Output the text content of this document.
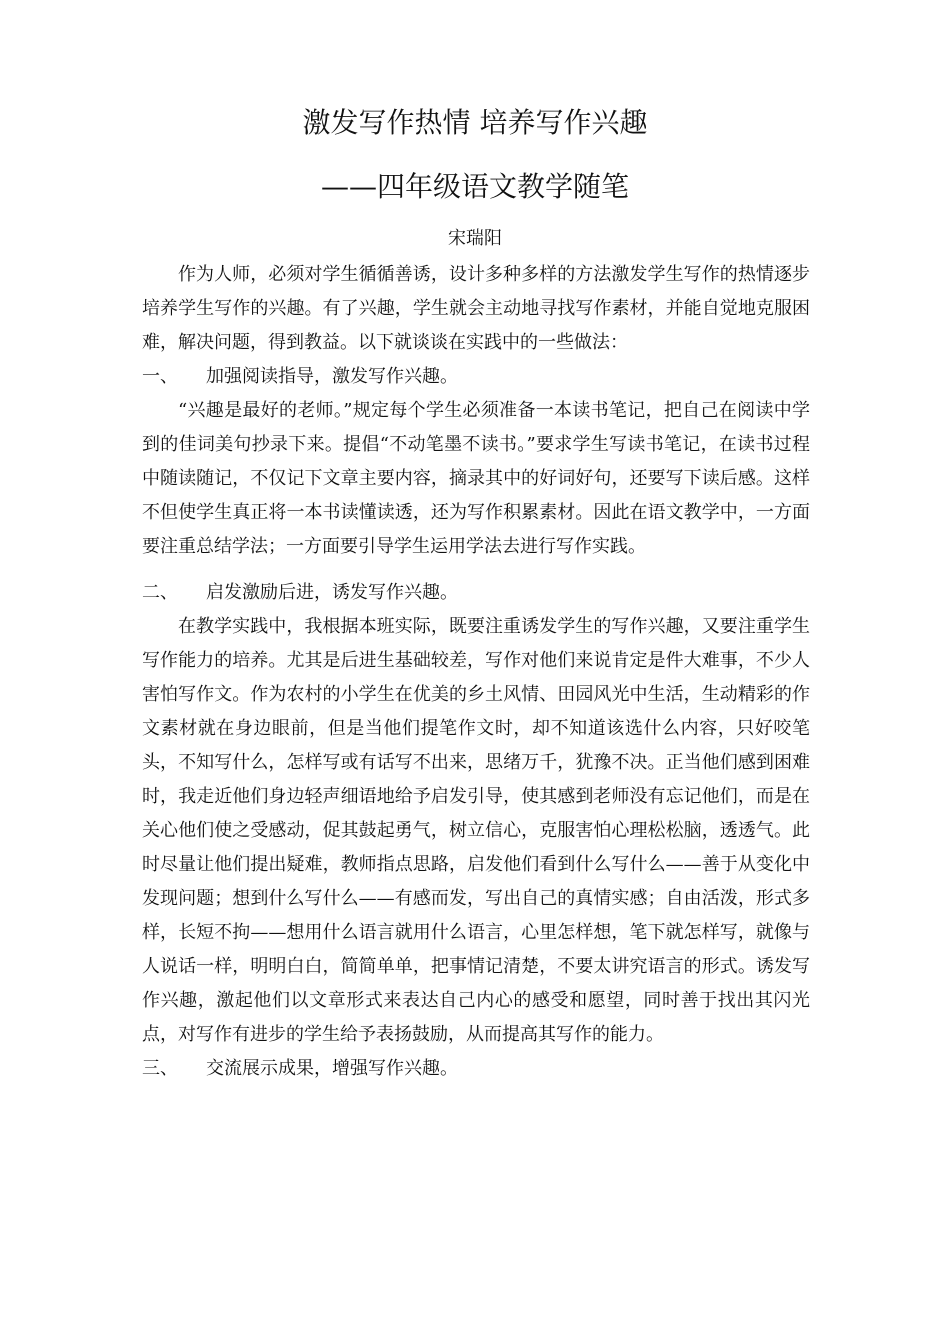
激发写作热情 培养写作兴趣
——四年级语文教学随笔
宋瑞阳

作为人师，必须对学生循循善诱，设计多种多样的方法激发学生写作的热情逐步培养学生写作的兴趣。有了兴趣，学生就会主动地寻找写作素材，并能自觉地克服困难，解决问题，得到教益。以下就谈谈在实践中的一些做法：

一、 加强阅读指导，激发写作兴趣。

“兴趣是最好的老师。”规定每个学生必须准备一本读书笔记，把自己在阅读中学到的佳词美句抄录下来。提倡“不动笔墨不读书。”要求学生写读书笔记，在读书过程中随读随记，不仅记下文章主要内容，摘录其中的好词好句，还要写下读后感。这样不但使学生真正将一本书读懂读透，还为写作积累素材。因此在语文教学中，一方面要注重总结学法；一方面要引导学生运用学法去进行写作实践。

二、 启发激励后进，诱发写作兴趣。

在教学实践中，我根据本班实际，既要注重诱发学生的写作兴趣，又要注重学生写作能力的培养。尤其是后进生基础较差，写作对他们来说肯定是件大难事，不少人害怕写作文。作为农村的小学生在优美的乡土风情、田园风光中生活，生动精彩的作文素材就在身边眼前，但是当他们提笔作文时，却不知道该选什么内容，只好咬笔头，不知写什么，怎样写或有话写不出来，思绪万千，犹豫不决。正当他们感到困难时，我走近他们身边轻声细语地给予启发引导，使其感到老师没有忘记他们，而是在关心他们使之受感动，促其鼓起勇气，树立信心，克服害怕心理松松脑，透透气。此时尽量让他们提出疑难，教师指点思路，启发他们看到什么写什么——善于从变化中发现问题；想到什么写什么——有感而发，写出自己的真情实感；自由活泼，形式多样，长短不拘——想用什么语言就用什么语言，心里怎样想，笔下就怎样写，就像与人说话一样，明明白白，简简单单，把事情记清楚，不要太讲究语言的形式。诱发写作兴趣，激起他们以文章形式来表达自己内心的感受和愿望，同时善于找出其闪光点，对写作有进步的学生给予表扬鼓励，从而提高其写作的能力。

三、 交流展示成果，增强写作兴趣。
